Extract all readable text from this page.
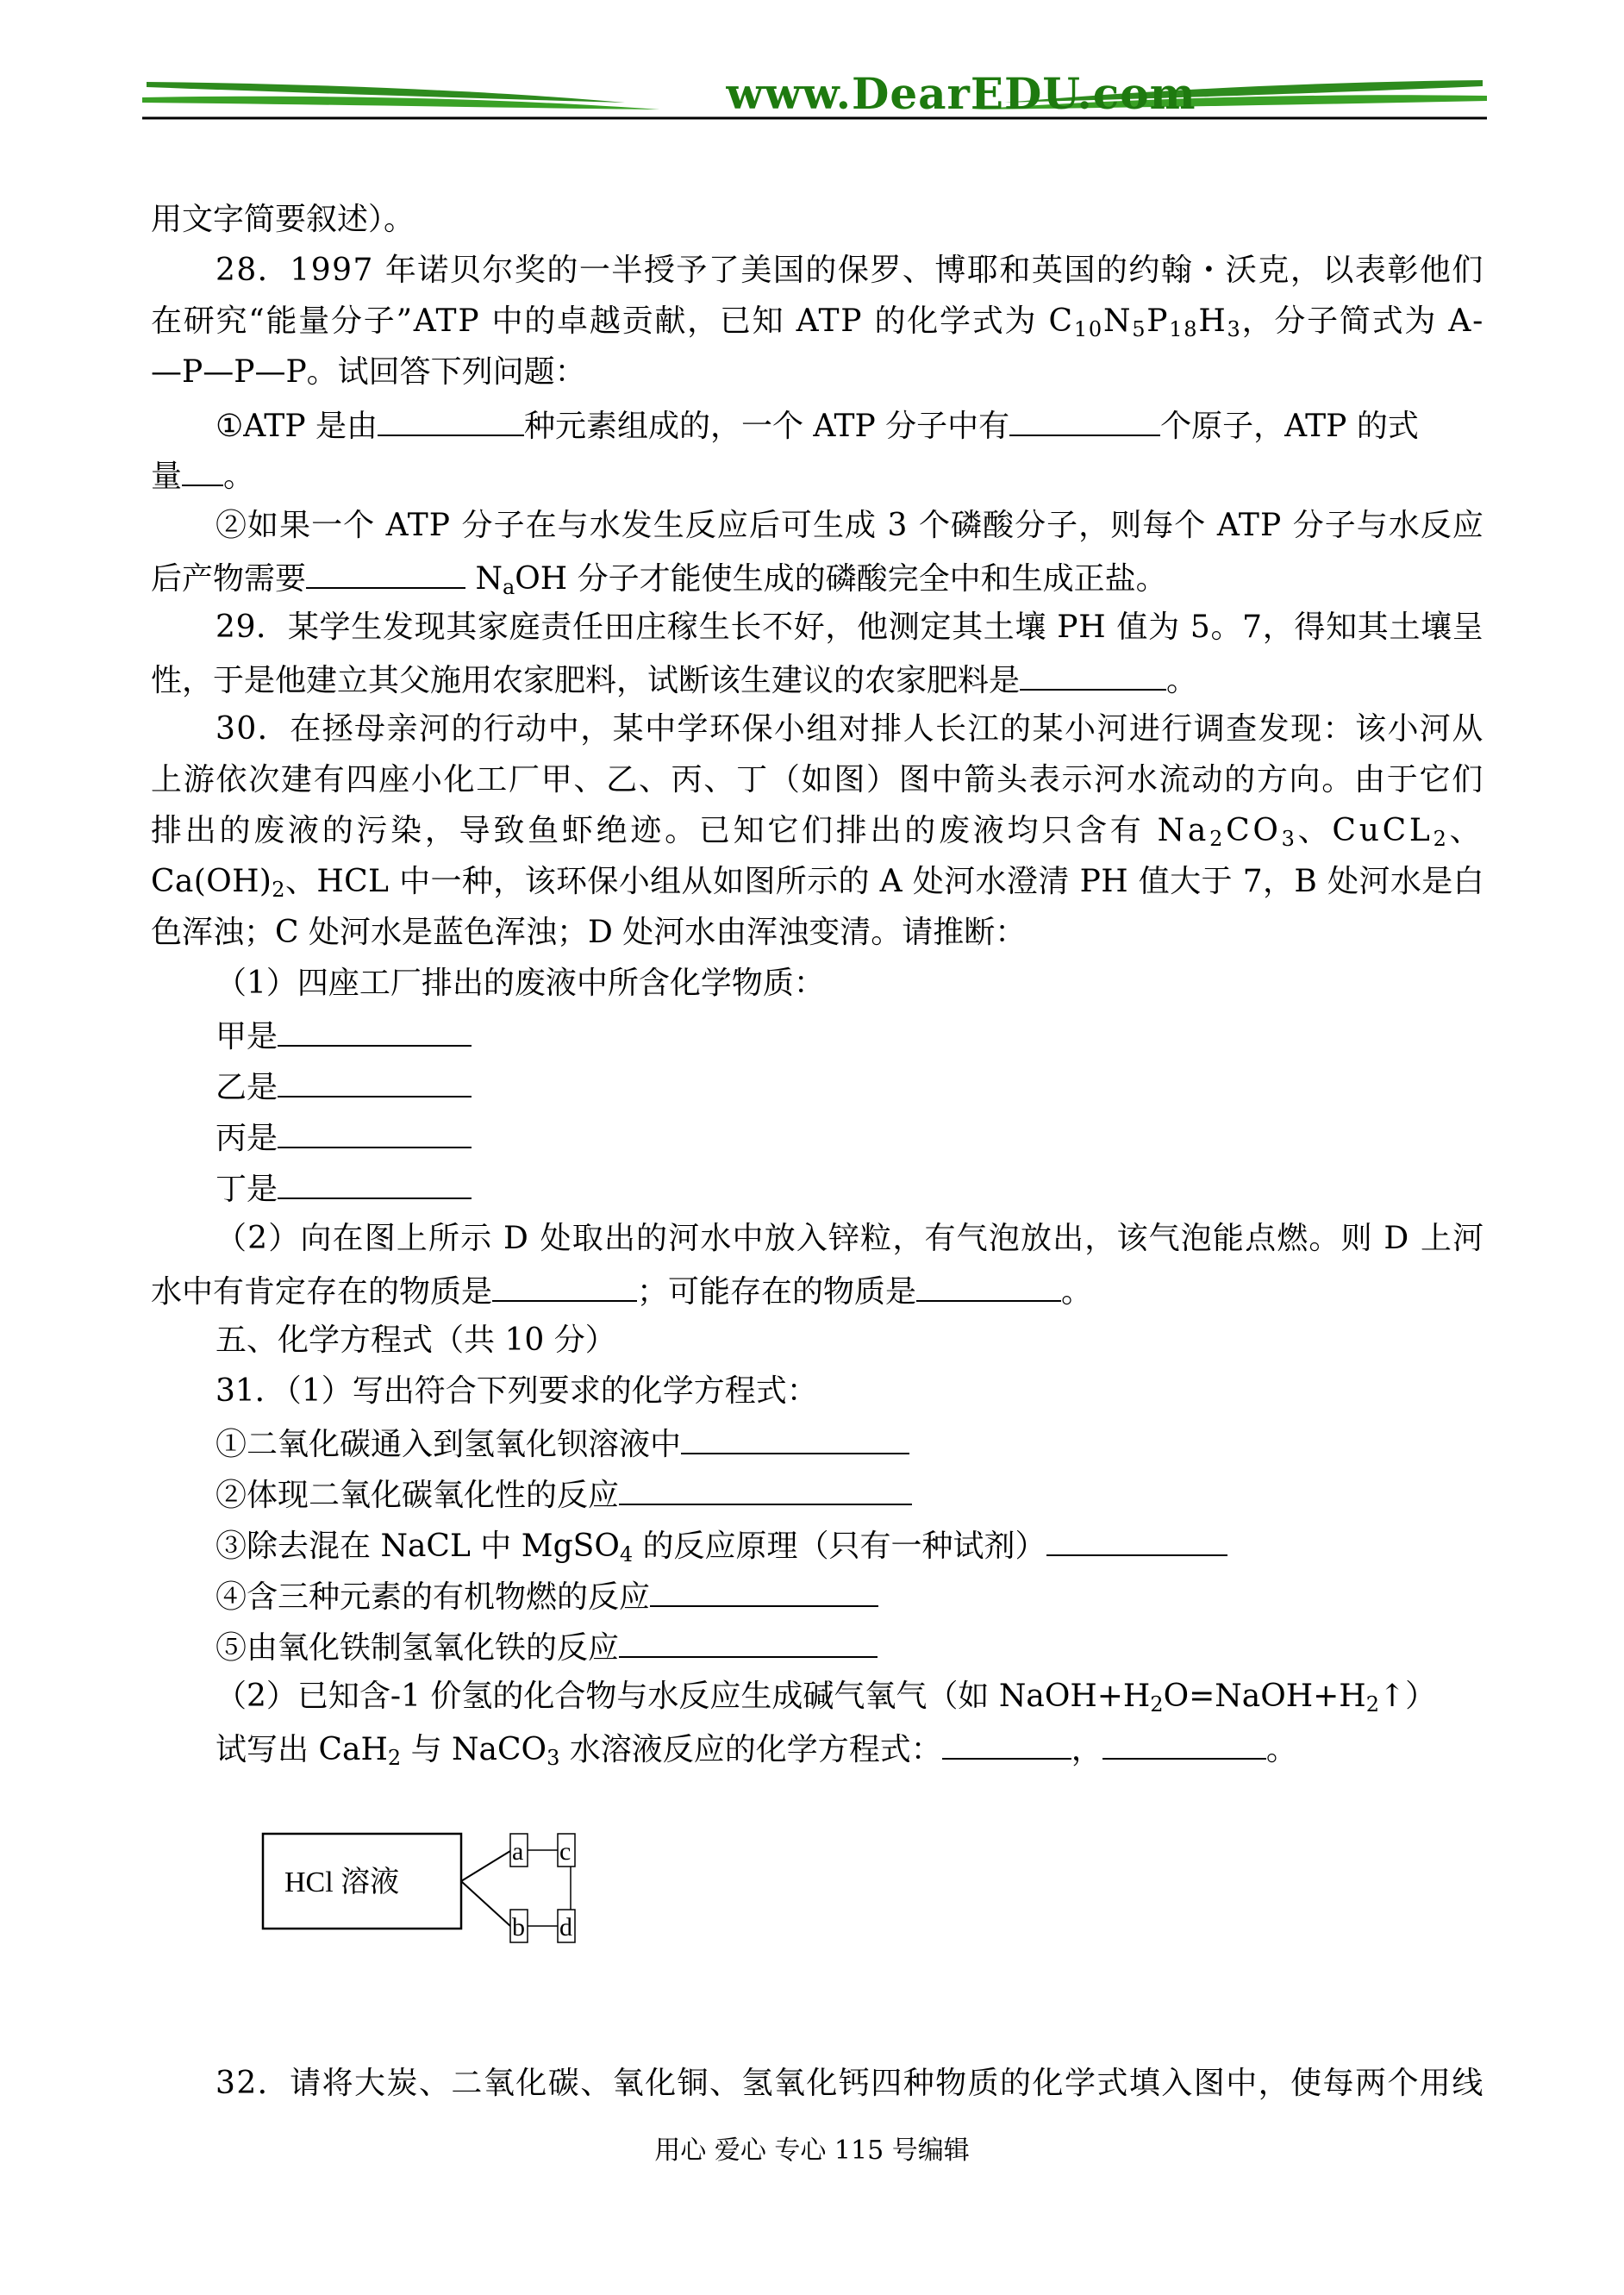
www.DearEDU.com
用文字简要叙述）。
28．1997 年诺贝尔奖的一半授予了美国的保罗、博耶和英国的约翰・沃克，以表彰他们
在研究“能量分子”ATP 中的卓越贡献，已知 ATP 的化学式为 $C_{10}N_5P_{18}H_3$，分子简式为 A-
—P—P—P。试回答下列问题：
①ATP 是由	种元素组成的，一个 ATP 分子中有	个原子，ATP 的式
量 。
②如果一个 ATP 分子在与水发生反应后可生成 3 个磷酸分子，则每个 ATP 分子与水反应
后产物需要	$N_aOH$ 分子才能使生成的磷酸完全中和生成正盐。
29．某学生发现其家庭责任田庄稼生长不好，他测定其土壤 PH 值为 5。7，得知其土壤呈
性，于是他建立其父施用农家肥料，试断该生建议的农家肥料是	。
30．在拯母亲河的行动中，某中学环保小组对排人长江的某小河进行调查发现：该小河从
上游依次建有四座小化工厂甲、乙、丙、丁（如图）图中箭头表示河水流动的方向。由于它们
排出的废液的污染，导致鱼虾绝迹。已知它们排出的废液均只含有 $Na_2CO_3$、CuCL$_2$、
$Ca(OH)_2$、HCL 中一种，该环保小组从如图所示的 A 处河水澄清 PH 值大于 7，B 处河水是白
色浑浊；C 处河水是蓝色浑浊；D 处河水由浑浊变清。请推断：
（1）四座工厂排出的废液中所含化学物质：
甲是
乙是
丙是
丁是
（2）向在图上所示 D 处取出的河水中放入锌粒，有气泡放出，该气泡能点燃。则 D 上河
水中有肯定存在的物质是	；可能存在的物质是	。
五、化学方程式（共 10 分）
31．（1）写出符合下列要求的化学方程式：
①二氧化碳通入到氢氧化钡溶液中
②体现二氧化碳氧化性的反应
③除去混在 NaCL 中 MgSO$_4$ 的反应原理（只有一种试剂）
④含三种元素的有机物燃的反应
⑤由氧化铁制氢氧化铁的反应
（2）已知含-1 价氢的化合物与水反应生成碱气氧气（如 $NaOH+H_2O=NaOH+H_2↑$）
试写出 CaH$_2$ 与 NaCO$_3$ 水溶液反应的化学方程式：	，	。
32．请将大炭、二氧化碳、氧化铜、氢氧化钙四种物质的化学式填入图中，使每两个用线
HCl 溶液
a c
b d
用心 爱心 专心 115 号编辑
